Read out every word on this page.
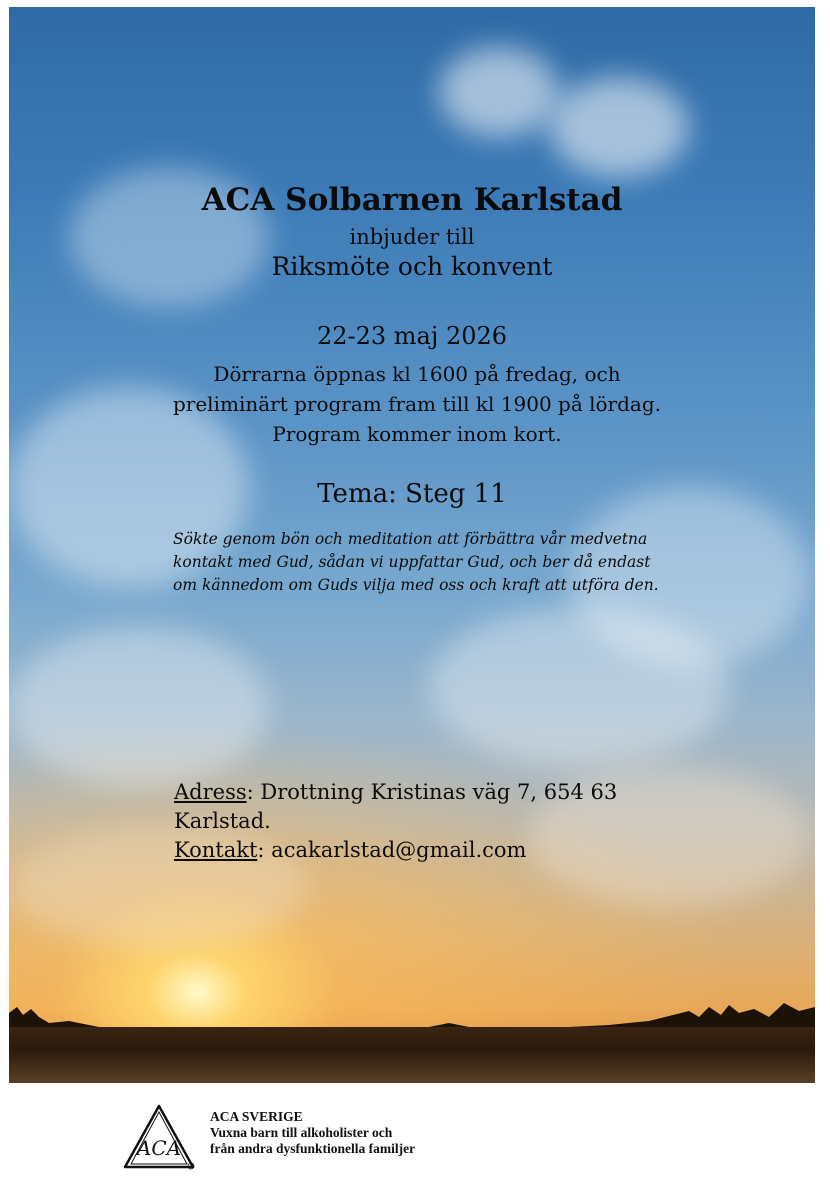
ACA Solbarnen Karlstad
inbjuder till
Riksmöte och konvent
22-23 maj 2026
Dörrarna öppnas kl 1600 på fredag, och preliminärt program fram till kl 1900 på lördag. Program kommer inom kort.
Tema: Steg 11
Sökte genom bön och meditation att förbättra vår medvetna kontakt med Gud, sådan vi uppfattar Gud, och ber då endast om kännedom om Guds vilja med oss och kraft att utföra den.
Adress: Drottning Kristinas väg 7, 654 63 Karlstad.
Kontakt: acakarlstad@gmail.com
ACA
ACA SVERIGE
Vuxna barn till alkoholister och
från andra dysfunktionella familjer
